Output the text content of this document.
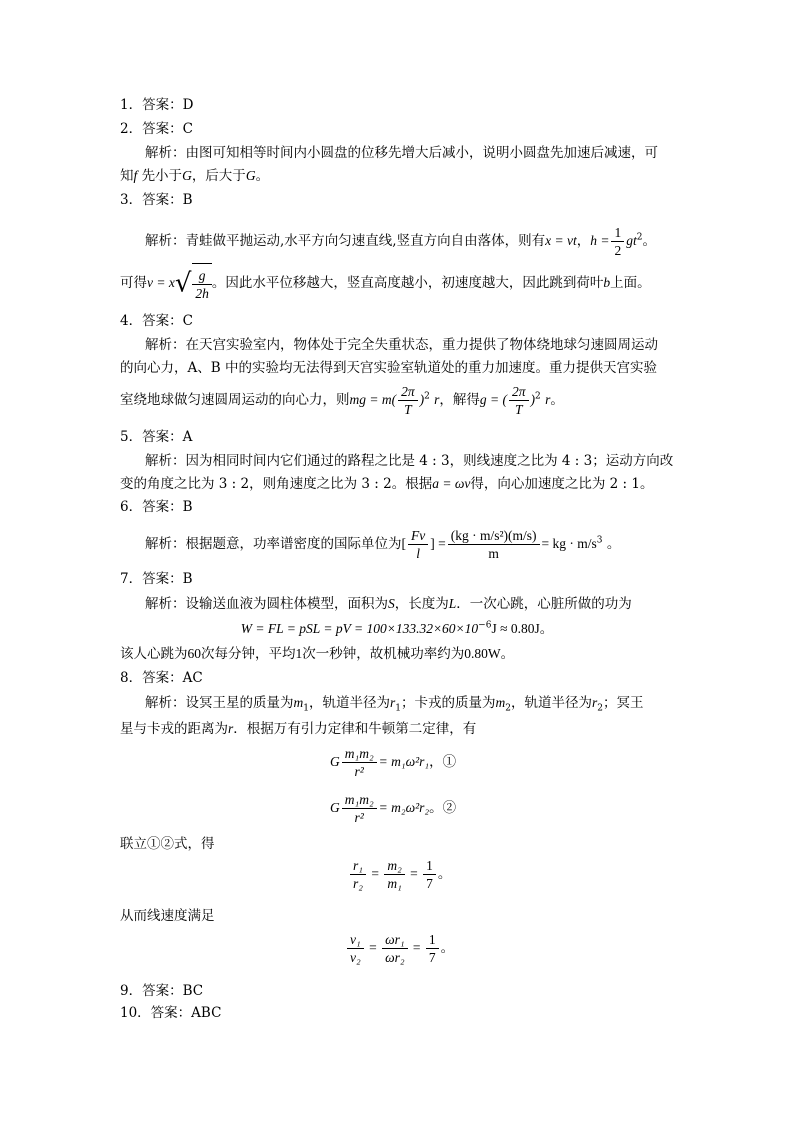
1．答案：D
2．答案：C
解析：由图可知相等时间内小圆盘的位移先增大后减小，说明小圆盘先加速后减速，可
知f 先小于G，后大于G。
3．答案：B
解析：青蛙做平抛运动,水平方向匀速直线,竖直方向自由落体，则有x = vt，$h = \frac{1}{2} gt^2$。
可得$v = x√ \frac{g}{2h}$ 。因此水平位移越大，竖直高度越小，初速度越大，因此跳到荷叶b上面。
4．答案：C
解析：在天宫实验室内，物体处于完全失重状态，重力提供了物体绕地球匀速圆周运动
的向心力，A、B 中的实验均无法得到天宫实验室轨道处的重力加速度。重力提供天宫实验
室绕地球做匀速圆周运动的向心力，则mg = $m( \frac{2\pi}{T} )^2$ r，解得g = ( $\frac{2\pi}{T} )^2$ r。
5．答案：A
解析：因为相同时间内它们通过的路程之比是 4 : 3，则线速度之比为 4 : 3；运动方向改
变的角度之比为 3 : 2，则角速度之比为 3 : 2。根据a = ωv得，向心加速度之比为 2 : 1。
6．答案：B
解析：根据题意，功率谱密度的国际单位为[ $\frac{Fv}{l}$ ] = $\frac{\text{(kg · m/s²)(m/s)}}{m}$ = kg · $m/s^3$ 。
7．答案：B
解析：设输送血液为圆柱体模型，面积为S，长度为L．一次心跳，心脏所做的功为
W = FL = pSL = pV = $100\times 133.32\times 60\times 10^{-6}J \approx 0.80J$。
该人心跳为60次每分钟，平均1次一秒钟，故机械功率约为0.80W。
8．答案：AC
解析：设冥王星的质量为$m_1$，轨道半径为$r_1$；卡戎的质量为$m_2$，轨道半径为$r_2$；冥王
星与卡戎的距离为r．根据万有引力定律和牛顿第二定律，有
G $\frac{\text{m₁m₂}}{\text{r²}} = m_1\omega^2r_1$，①
G $\frac{\text{m₁m₂}}{\text{r²}} = m_2\omega^2r_2$。②
联立①②式，得
$\frac{\text{r₁}}{\text{r₂}} = \frac{\text{m₂}}{\text{m₁}} = \frac{1}{7}$ 。
从而线速度满足
$\frac{\text{v₁}}{\text{v₂}} = \frac{\text{ωr₁}}{\text{ωr₂}} = \frac{1}{7}$ 。
9．答案：BC
10．答案：ABC
